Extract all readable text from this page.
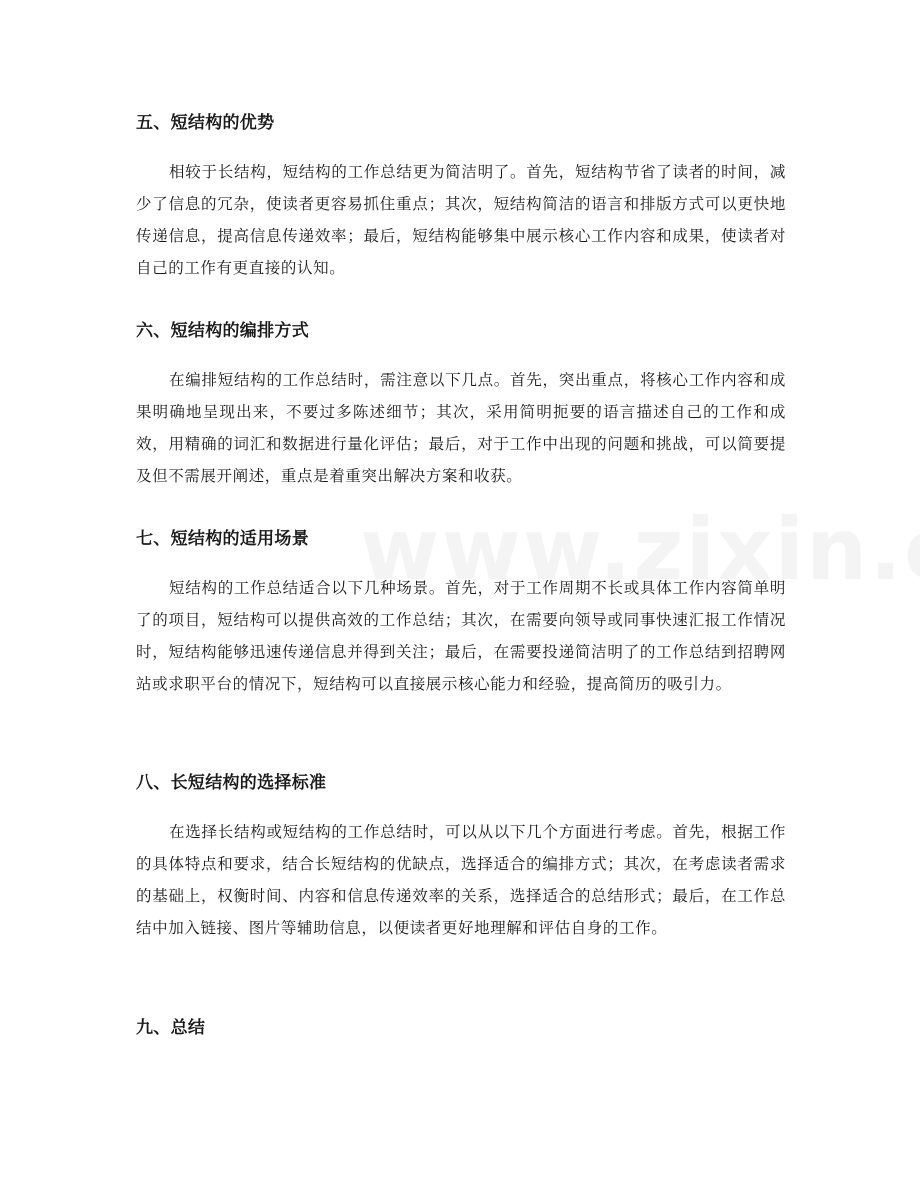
五、短结构的优势

相较于长结构，短结构的工作总结更为简洁明了。首先，短结构节省了读者的时间，减少了信息的冗杂，使读者更容易抓住重点；其次，短结构简洁的语言和排版方式可以更快地传递信息，提高信息传递效率；最后，短结构能够集中展示核心工作内容和成果，使读者对自己的工作有更直接的认知。

六、短结构的编排方式

在编排短结构的工作总结时，需注意以下几点。首先，突出重点，将核心工作内容和成果明确地呈现出来，不要过多陈述细节；其次，采用简明扼要的语言描述自己的工作和成效，用精确的词汇和数据进行量化评估；最后，对于工作中出现的问题和挑战，可以简要提及但不需展开阐述，重点是着重突出解决方案和收获。

七、短结构的适用场景

短结构的工作总结适合以下几种场景。首先，对于工作周期不长或具体工作内容简单明了的项目，短结构可以提供高效的工作总结；其次，在需要向领导或同事快速汇报工作情况时，短结构能够迅速传递信息并得到关注；最后，在需要投递简洁明了的工作总结到招聘网站或求职平台的情况下，短结构可以直接展示核心能力和经验，提高简历的吸引力。

八、长短结构的选择标准

在选择长结构或短结构的工作总结时，可以从以下几个方面进行考虑。首先，根据工作的具体特点和要求，结合长短结构的优缺点，选择适合的编排方式；其次，在考虑读者需求的基础上，权衡时间、内容和信息传递效率的关系，选择适合的总结形式；最后，在工作总结中加入链接、图片等辅助信息，以便读者更好地理解和评估自身的工作。

九、总结
